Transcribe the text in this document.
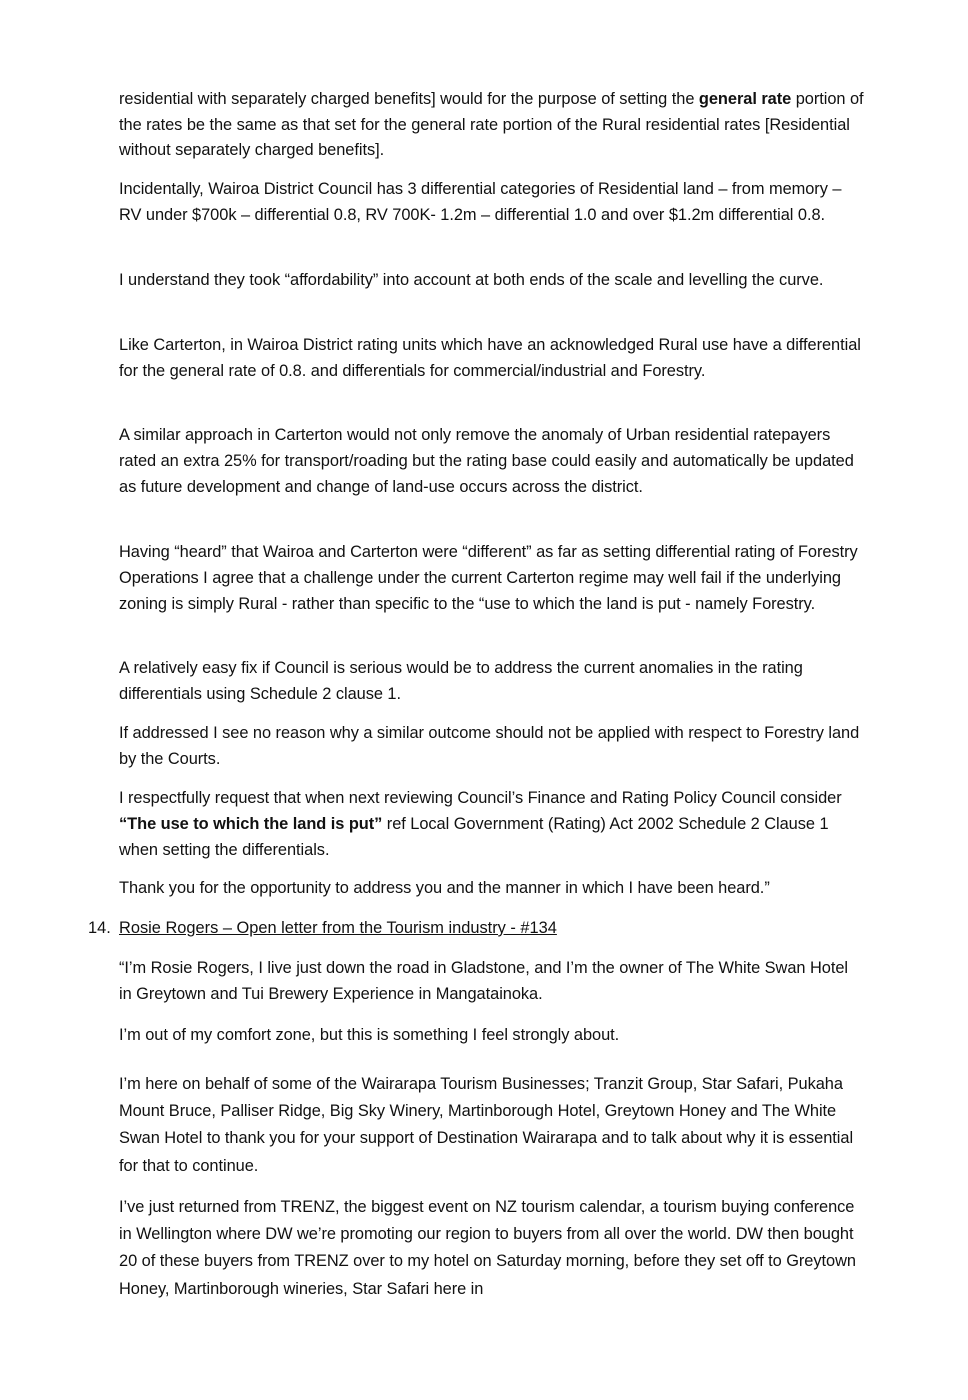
residential with separately charged benefits] would for the purpose of setting the general rate portion of the rates be the same as that set for the general rate portion of the Rural residential rates [Residential without separately charged benefits].

Incidentally, Wairoa District Council has 3 differential categories of Residential land – from memory – RV under $700k – differential 0.8, RV 700K- 1.2m – differential 1.0 and over $1.2m differential 0.8.

I understand they took “affordability” into account at both ends of the scale and levelling the curve.

Like Carterton, in Wairoa District rating units which have an acknowledged Rural use have a differential for the general rate of 0.8. and differentials for commercial/industrial and Forestry.

A similar approach in Carterton would not only remove the anomaly of Urban residential ratepayers rated an extra 25% for transport/roading but the rating base could easily and automatically be updated as future development and change of land-use occurs across the district.

Having “heard” that Wairoa and Carterton were “different” as far as setting differential rating of Forestry Operations I agree that a challenge under the current Carterton regime may well fail if the underlying zoning is simply Rural - rather than specific to the “use to which the land is put - namely Forestry.

A relatively easy fix if Council is serious would be to address the current anomalies in the rating differentials using Schedule 2 clause 1.

If addressed I see no reason why a similar outcome should not be applied with respect to Forestry land by the Courts.

I respectfully request that when next reviewing Council’s Finance and Rating Policy Council consider “The use to which the land is put” ref Local Government (Rating) Act 2002 Schedule 2 Clause 1 when setting the differentials.

Thank you for the opportunity to address you and the manner in which I have been heard.”

14. Rosie Rogers – Open letter from the Tourism industry - #134

“I’m Rosie Rogers, I live just down the road in Gladstone, and I’m the owner of The White Swan Hotel in Greytown and Tui Brewery Experience in Mangatainoka.

I’m out of my comfort zone, but this is something I feel strongly about.

I’m here on behalf of some of the Wairarapa Tourism Businesses; Tranzit Group, Star Safari, Pukaha Mount Bruce, Palliser Ridge, Big Sky Winery, Martinborough Hotel, Greytown Honey and The White Swan Hotel to thank you for your support of Destination Wairarapa and to talk about why it is essential for that to continue.

I’ve just returned from TRENZ, the biggest event on NZ tourism calendar, a tourism buying conference in Wellington where DW we’re promoting our region to buyers from all over the world. DW then bought 20 of these buyers from TRENZ over to my hotel on Saturday morning, before they set off to Greytown Honey, Martinborough wineries, Star Safari here in
